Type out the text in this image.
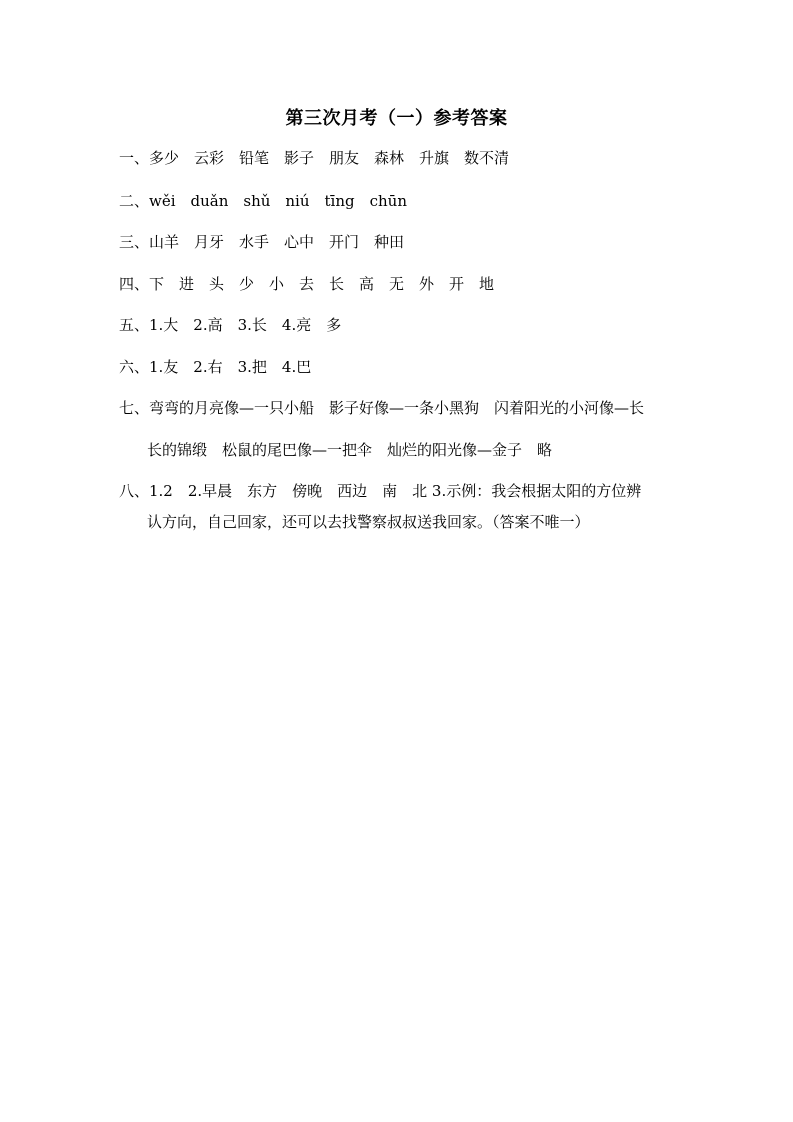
第三次月考（一）参考答案
一、多少　云彩　铅笔　影子　朋友　森林　升旗　数不清
二、wěi　duǎn　shǔ　niú　tīng　chūn
三、山羊　月牙　水手　心中　开门　种田
四、下　进　头　少　小　去　长　高　无　外　开　地
五、1.大　2.高　3.长　4.亮　多
六、1.友　2.右　3.把　4.巴
七、弯弯的月亮像—一只小船　影子好像—一条小黑狗　闪着阳光的小河像—长
长的锦缎　松鼠的尾巴像—一把伞　灿烂的阳光像—金子　略
八、1.2　2.早晨　东方　傍晚　西边　南　北 3.示例：我会根据太阳的方位辨
认方向，自己回家，还可以去找警察叔叔送我回家。（答案不唯一）
